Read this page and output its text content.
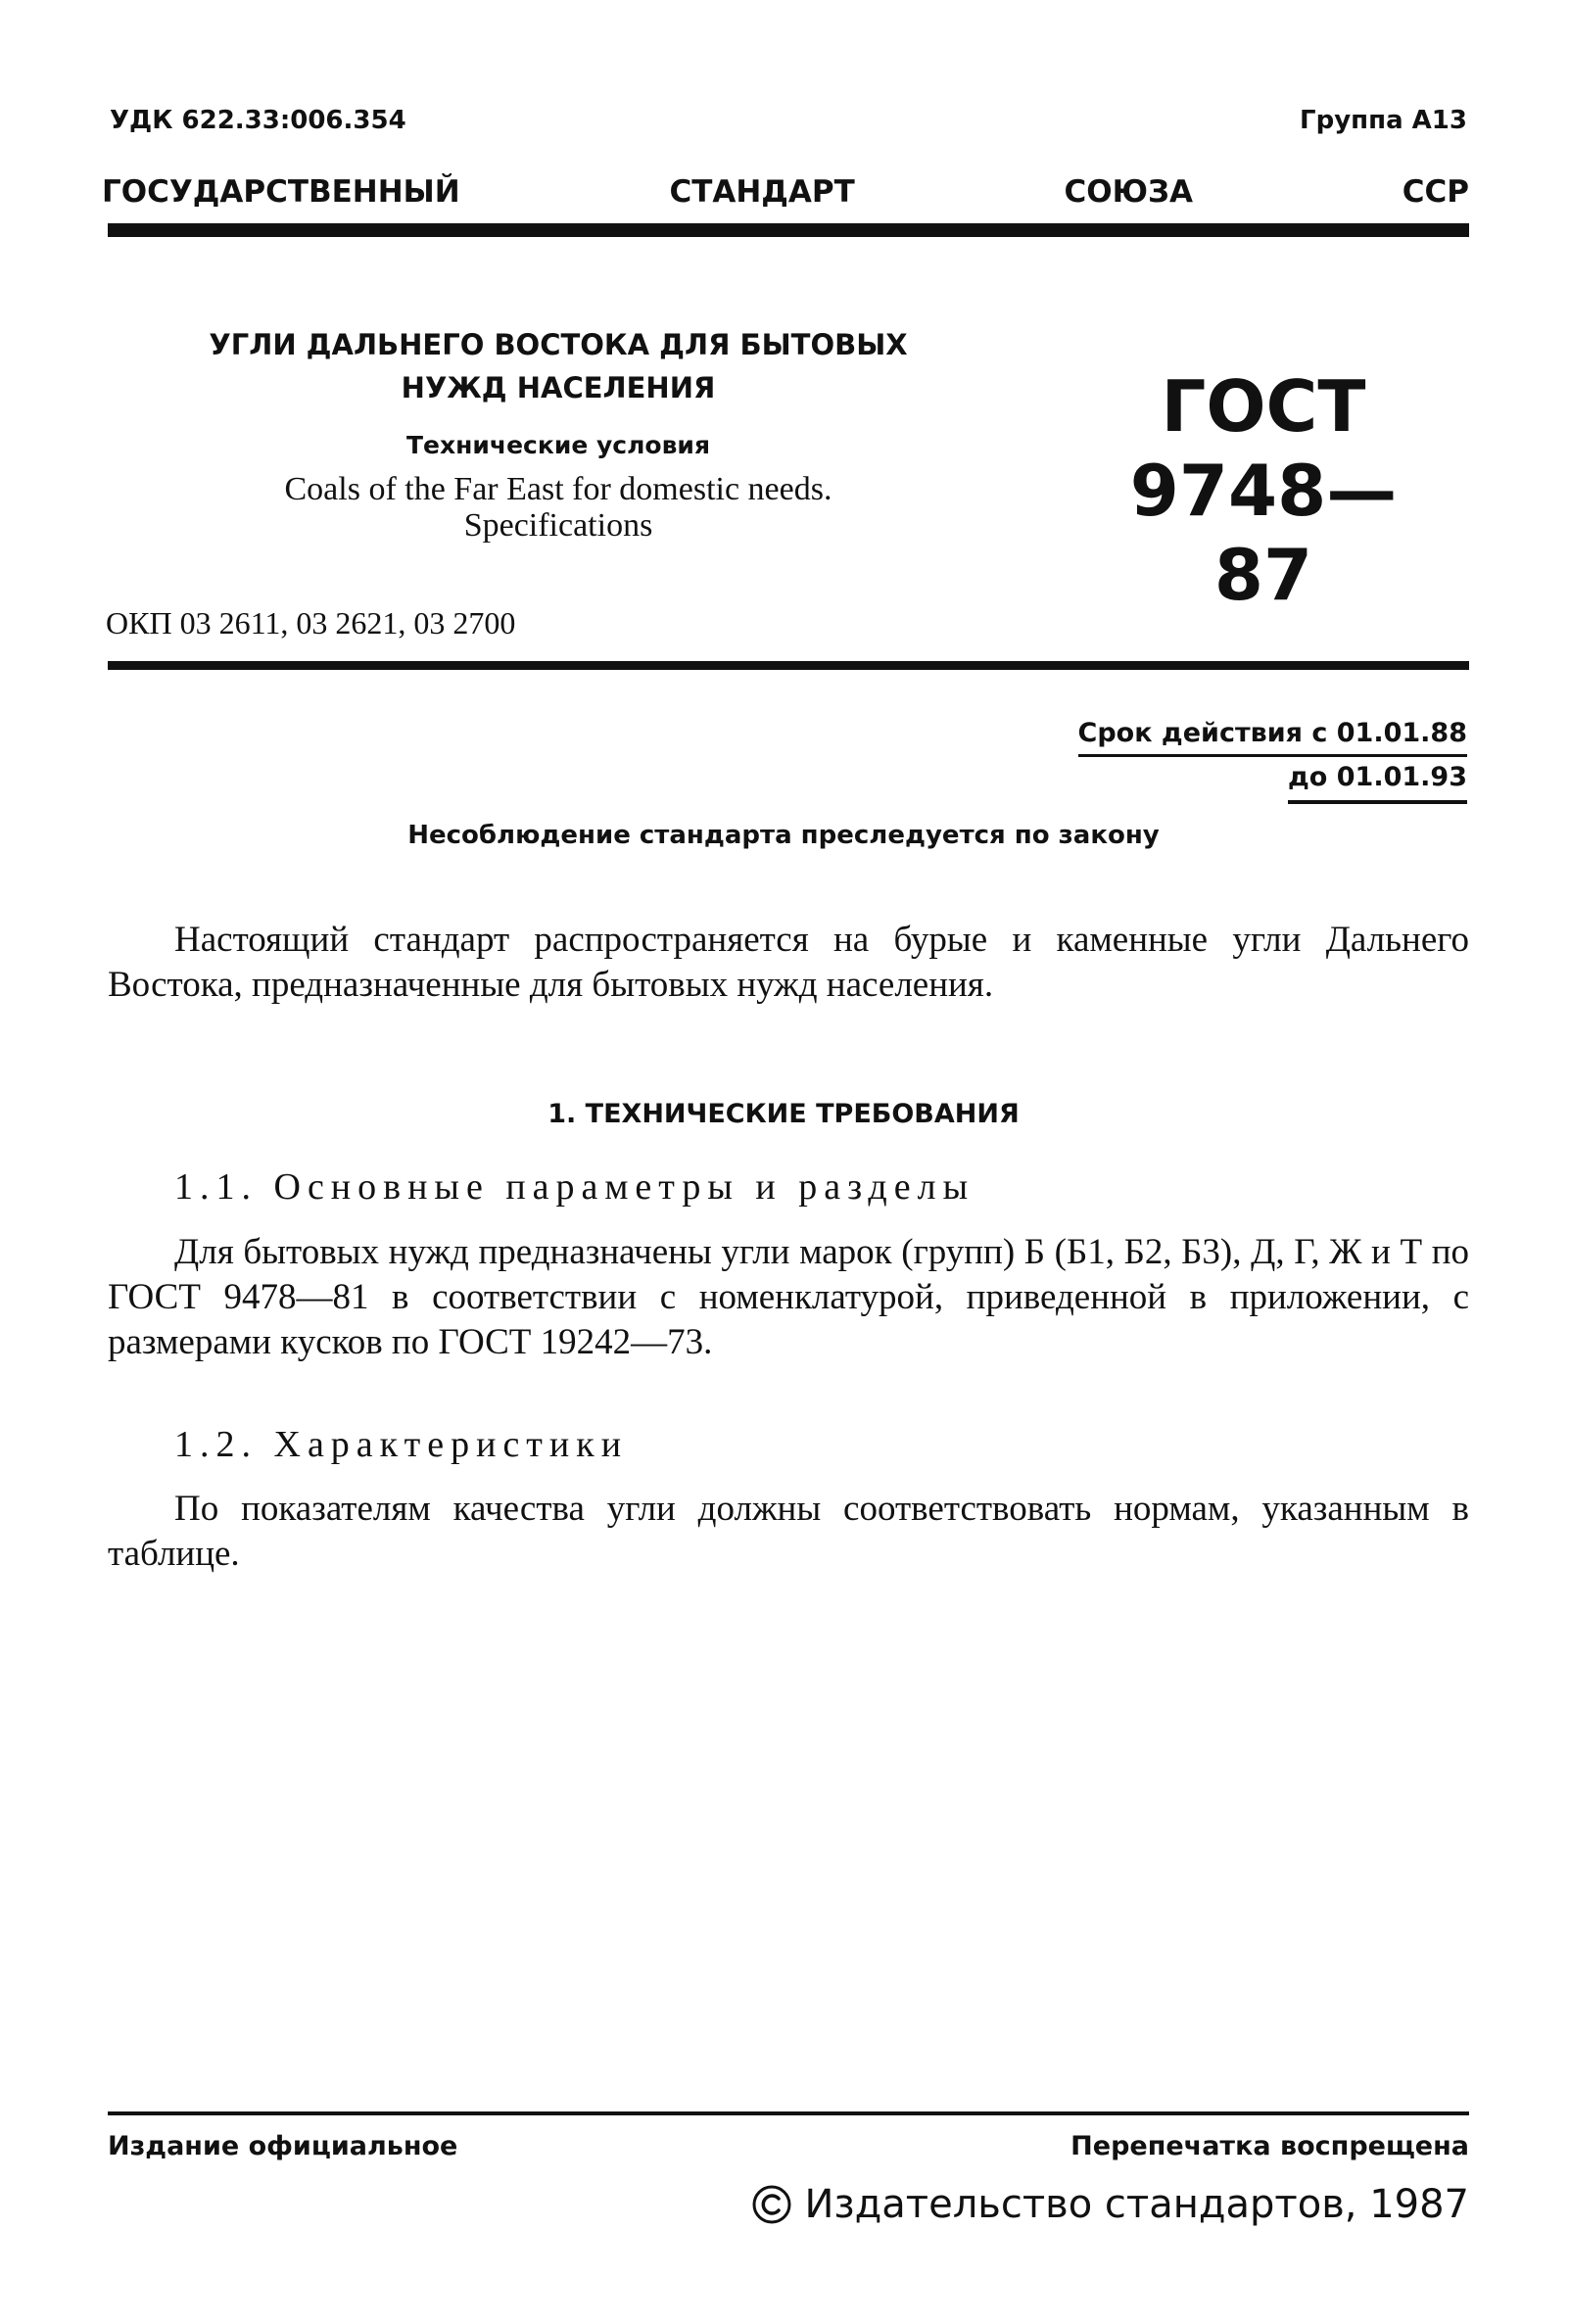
УДК 622.33:006.354	Группа А13
ГОСУДАРСТВЕННЫЙ	СТАНДАРТ	СОЮЗА	ССР
УГЛИ ДАЛЬНЕГО ВОСТОКА ДЛЯ БЫТОВЫХ
НУЖД НАСЕЛЕНИЯ
Технические условия
Coals of the Far East for domestic needs.
Specifications
ГОСТ
9748—87
ОКП 03 2611, 03 2621, 03 2700
Срок действия с 01.01.88
до 01.01.93
Несоблюдение стандарта преследуется по закону
Настоящий стандарт распространяется на бурые и каменные угли Дальнего Востока, предназначенные для бытовых нужд населения.
1. ТЕХНИЧЕСКИЕ ТРЕБОВАНИЯ
1.1. Основные параметры и разделы
Для бытовых нужд предназначены угли марок (групп) Б (Б1, Б2, Б3), Д, Г, Ж и Т по ГОСТ 9478—81 в соответствии с номенклатурой, приведенной в приложении, с размерами кусков по ГОСТ 19242—73.
1.2. Характеристики
По показателям качества угли должны соответствовать нормам, указанным в таблице.
Издание официальное	Перепечатка воспрещена
Издательство стандартов, 1987
